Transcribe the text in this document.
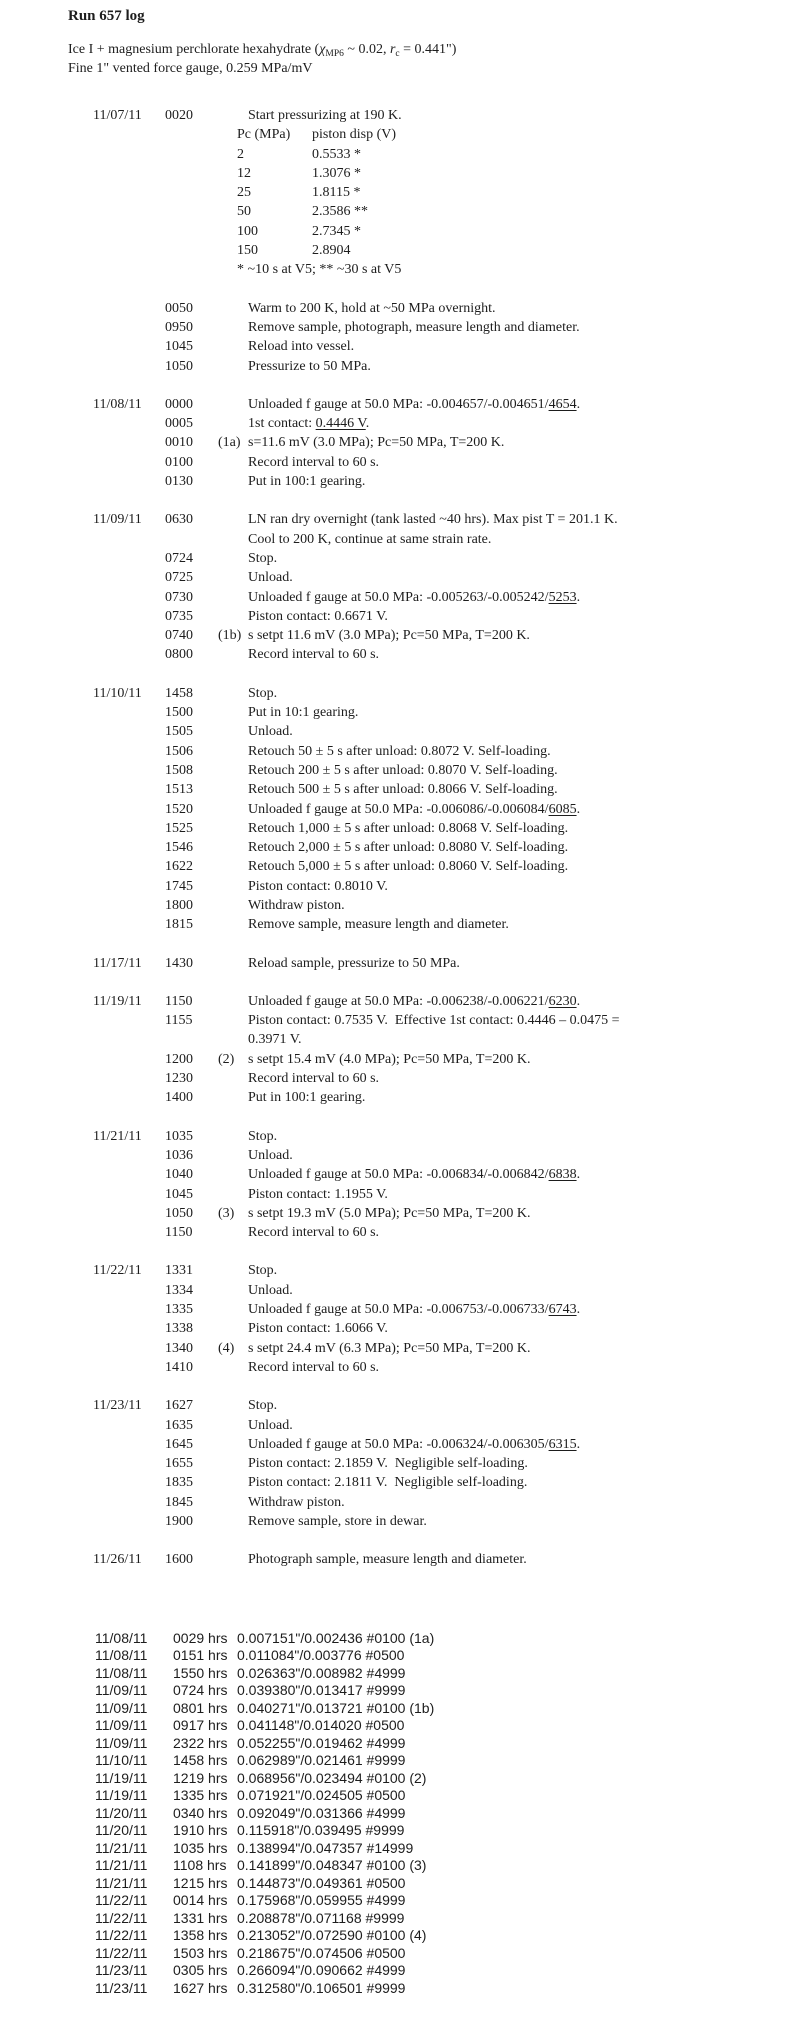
Run 657 log
Ice I + magnesium perchlorate hexahydrate ($\chi_{MP6}$ ~ 0.02, $r_c$ = 0.441")
Fine 1" vented force gauge, 0.259 MPa/mV
11/07/11	0020	Start pressurizing at 190 K.
Pc (MPa)	piston disp (V)
2	0.5533 *
12	1.3076 *
25	1.8115 *
50	2.3586 **
100	2.7345 *
150	2.8904
* ~10 s at V5; ** ~30 s at V5
0050	Warm to 200 K, hold at ~50 MPa overnight.
0950	Remove sample, photograph, measure length and diameter.
1045	Reload into vessel.
1050	Pressurize to 50 MPa.
11/08/11	0000	Unloaded f gauge at 50.0 MPa: -0.004657/-0.004651/4654.
0005	1st contact: 0.4446 V.
0010	(1a) s=11.6 mV (3.0 MPa); Pc=50 MPa, T=200 K.
0100	Record interval to 60 s.
0130	Put in 100:1 gearing.
11/09/11	0630	LN ran dry overnight (tank lasted ~40 hrs). Max pist T = 201.1 K.
Cool to 200 K, continue at same strain rate.
0724	Stop.
0725	Unload.
0730	Unloaded f gauge at 50.0 MPa: -0.005263/-0.005242/5253.
0735	Piston contact: 0.6671 V.
0740	(1b) s setpt 11.6 mV (3.0 MPa); Pc=50 MPa, T=200 K.
0800	Record interval to 60 s.
11/10/11	1458	Stop.
1500	Put in 10:1 gearing.
1505	Unload.
1506	Retouch 50 ± 5 s after unload: 0.8072 V. Self-loading.
1508	Retouch 200 ± 5 s after unload: 0.8070 V. Self-loading.
1513	Retouch 500 ± 5 s after unload: 0.8066 V. Self-loading.
1520	Unloaded f gauge at 50.0 MPa: -0.006086/-0.006084/6085.
1525	Retouch 1,000 ± 5 s after unload: 0.8068 V. Self-loading.
1546	Retouch 2,000 ± 5 s after unload: 0.8080 V. Self-loading.
1622	Retouch 5,000 ± 5 s after unload: 0.8060 V. Self-loading.
1745	Piston contact: 0.8010 V.
1800	Withdraw piston.
1815	Remove sample, measure length and diameter.
11/17/11	1430	Reload sample, pressurize to 50 MPa.
11/19/11	1150	Unloaded f gauge at 50.0 MPa: -0.006238/-0.006221/6230.
1155	Piston contact: 0.7535 V.  Effective 1st contact: 0.4446 – 0.0475 =
0.3971 V.
1200	(2) s setpt 15.4 mV (4.0 MPa); Pc=50 MPa, T=200 K.
1230	Record interval to 60 s.
1400	Put in 100:1 gearing.
11/21/11	1035	Stop.
1036	Unload.
1040	Unloaded f gauge at 50.0 MPa: -0.006834/-0.006842/6838.
1045	Piston contact: 1.1955 V.
1050	(3) s setpt 19.3 mV (5.0 MPa); Pc=50 MPa, T=200 K.
1150	Record interval to 60 s.
11/22/11	1331	Stop.
1334	Unload.
1335	Unloaded f gauge at 50.0 MPa: -0.006753/-0.006733/6743.
1338	Piston contact: 1.6066 V.
1340	(4) s setpt 24.4 mV (6.3 MPa); Pc=50 MPa, T=200 K.
1410	Record interval to 60 s.
11/23/11	1627	Stop.
1635	Unload.
1645	Unloaded f gauge at 50.0 MPa: -0.006324/-0.006305/6315.
1655	Piston contact: 2.1859 V.  Negligible self-loading.
1835	Piston contact: 2.1811 V.  Negligible self-loading.
1845	Withdraw piston.
1900	Remove sample, store in dewar.
11/26/11	1600	Photograph sample, measure length and diameter.
11/08/11	0029 hrs 0.007151"/0.002436 #0100 (1a)
11/08/11	0151 hrs 0.011084"/0.003776 #0500
11/08/11	1550 hrs 0.026363"/0.008982 #4999
11/09/11	0724 hrs 0.039380"/0.013417 #9999
11/09/11	0801 hrs 0.040271"/0.013721 #0100 (1b)
11/09/11	0917 hrs 0.041148"/0.014020 #0500
11/09/11	2322 hrs 0.052255"/0.019462 #4999
11/10/11	1458 hrs 0.062989"/0.021461 #9999
11/19/11	1219 hrs 0.068956"/0.023494 #0100 (2)
11/19/11	1335 hrs 0.071921"/0.024505 #0500
11/20/11	0340 hrs 0.092049"/0.031366 #4999
11/20/11	1910 hrs 0.115918"/0.039495 #9999
11/21/11	1035 hrs 0.138994"/0.047357 #14999
11/21/11	1108 hrs 0.141899"/0.048347 #0100 (3)
11/21/11	1215 hrs 0.144873"/0.049361 #0500
11/22/11	0014 hrs 0.175968"/0.059955 #4999
11/22/11	1331 hrs 0.208878"/0.071168 #9999
11/22/11	1358 hrs 0.213052"/0.072590 #0100 (4)
11/22/11	1503 hrs 0.218675"/0.074506 #0500
11/23/11	0305 hrs 0.266094"/0.090662 #4999
11/23/11	1627 hrs 0.312580"/0.106501 #9999
